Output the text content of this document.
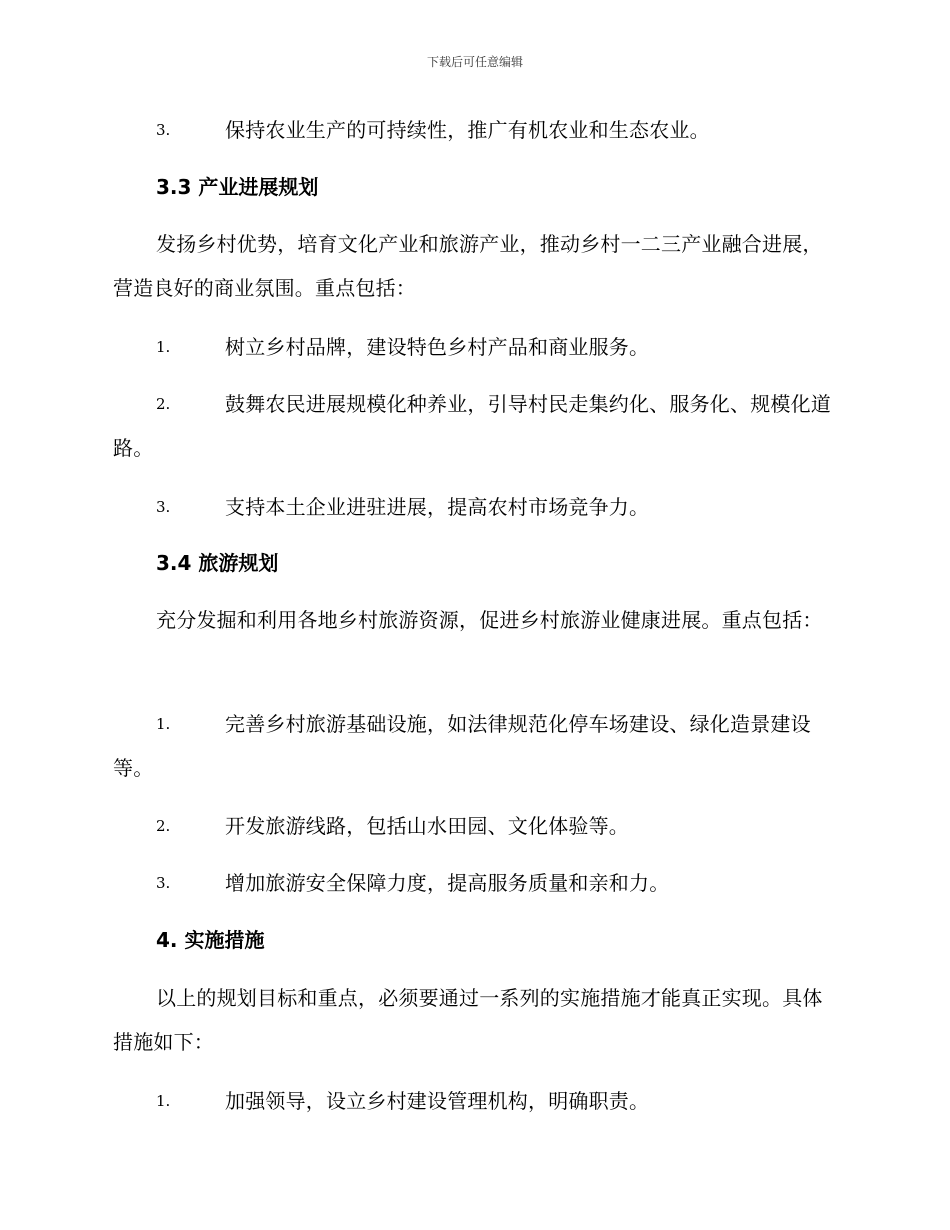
下载后可任意编辑
3.	保持农业生产的可持续性，推广有机农业和生态农业。
3.3 产业进展规划
发扬乡村优势，培育文化产业和旅游产业，推动乡村一二三产业融合进展，营造良好的商业氛围。重点包括：
1.	树立乡村品牌，建设特色乡村产品和商业服务。
2.	鼓舞农民进展规模化种养业，引导村民走集约化、服务化、规模化道路。
3.	支持本土企业进驻进展，提高农村市场竞争力。
3.4 旅游规划
充分发掘和利用各地乡村旅游资源，促进乡村旅游业健康进展。重点包括：
1.	完善乡村旅游基础设施，如法律规范化停车场建设、绿化造景建设等。
2.	开发旅游线路，包括山水田园、文化体验等。
3.	增加旅游安全保障力度，提高服务质量和亲和力。
4. 实施措施
以上的规划目标和重点，必须要通过一系列的实施措施才能真正实现。具体措施如下：
1.	加强领导，设立乡村建设管理机构，明确职责。
